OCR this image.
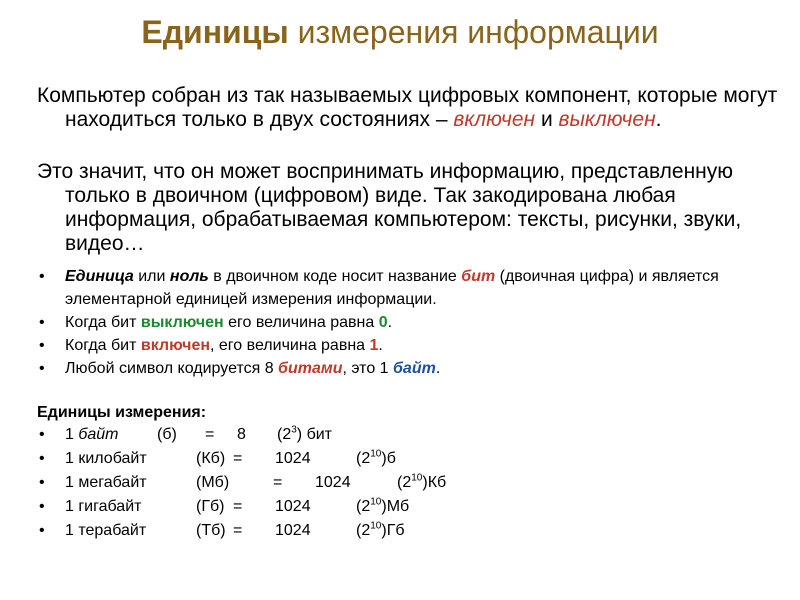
Единицы измерения информации
Компьютер собран из так называемых цифровых компонент, которые могут находиться только в двух состояниях – включен и выключен.
Это значит, что он может воспринимать информацию, представленную только в двоичном (цифровом) виде. Так закодирована любая информация, обрабатываемая компьютером: тексты, рисунки, звуки, видео…
• Единица или ноль в двоичном коде носит название бит (двоичная цифра) и является элементарной единицей измерения информации.
• Когда бит выключен его величина равна 0.
• Когда бит включен, его величина равна 1.
• Любой символ кодируется 8 битами, это 1 байт.
Единицы измерения:
• 1 байт (б) = 8 $(2^3)$ бит
• 1 килобайт	(Кб) = 1024	$(2^{10})б$
• 1 мегабайт	(Мб)	= 1024	$(2^{10})Кб$
• 1 гигабайт	(Гб) = 1024	$(2^{10})Мб$
• 1 терабайт	(Тб) = 1024	$(2^{10})Гб$
